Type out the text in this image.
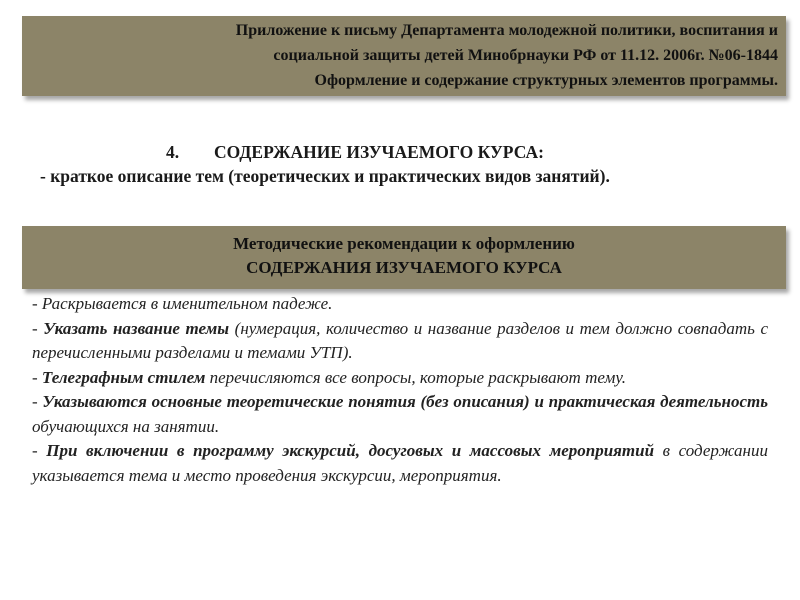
Приложение к письму Департамента молодежной политики, воспитания и
социальной защиты детей Минобрнауки РФ от 11.12. 2006г. №06-1844
Оформление и содержание структурных элементов программы.
4. СОДЕРЖАНИЕ ИЗУЧАЕМОГО КУРСА:
- краткое описание тем (теоретических и практических видов занятий).
Методические рекомендации к оформлению
СОДЕРЖАНИЯ ИЗУЧАЕМОГО КУРСА

- Раскрывается в именительном падеже.

- Указать название темы (нумерация, количество и название разделов и тем должно совпадать с перечисленными разделами и темами УТП).

- Телеграфным стилем перечисляются все вопросы, которые раскрывают тему.

- Указываются основные теоретические понятия (без описания) и практическая деятельность обучающихся на занятии.

- При включении в программу экскурсий, досуговых и массовых мероприятий в содержании указывается тема и место проведения экскурсии, мероприятия.
